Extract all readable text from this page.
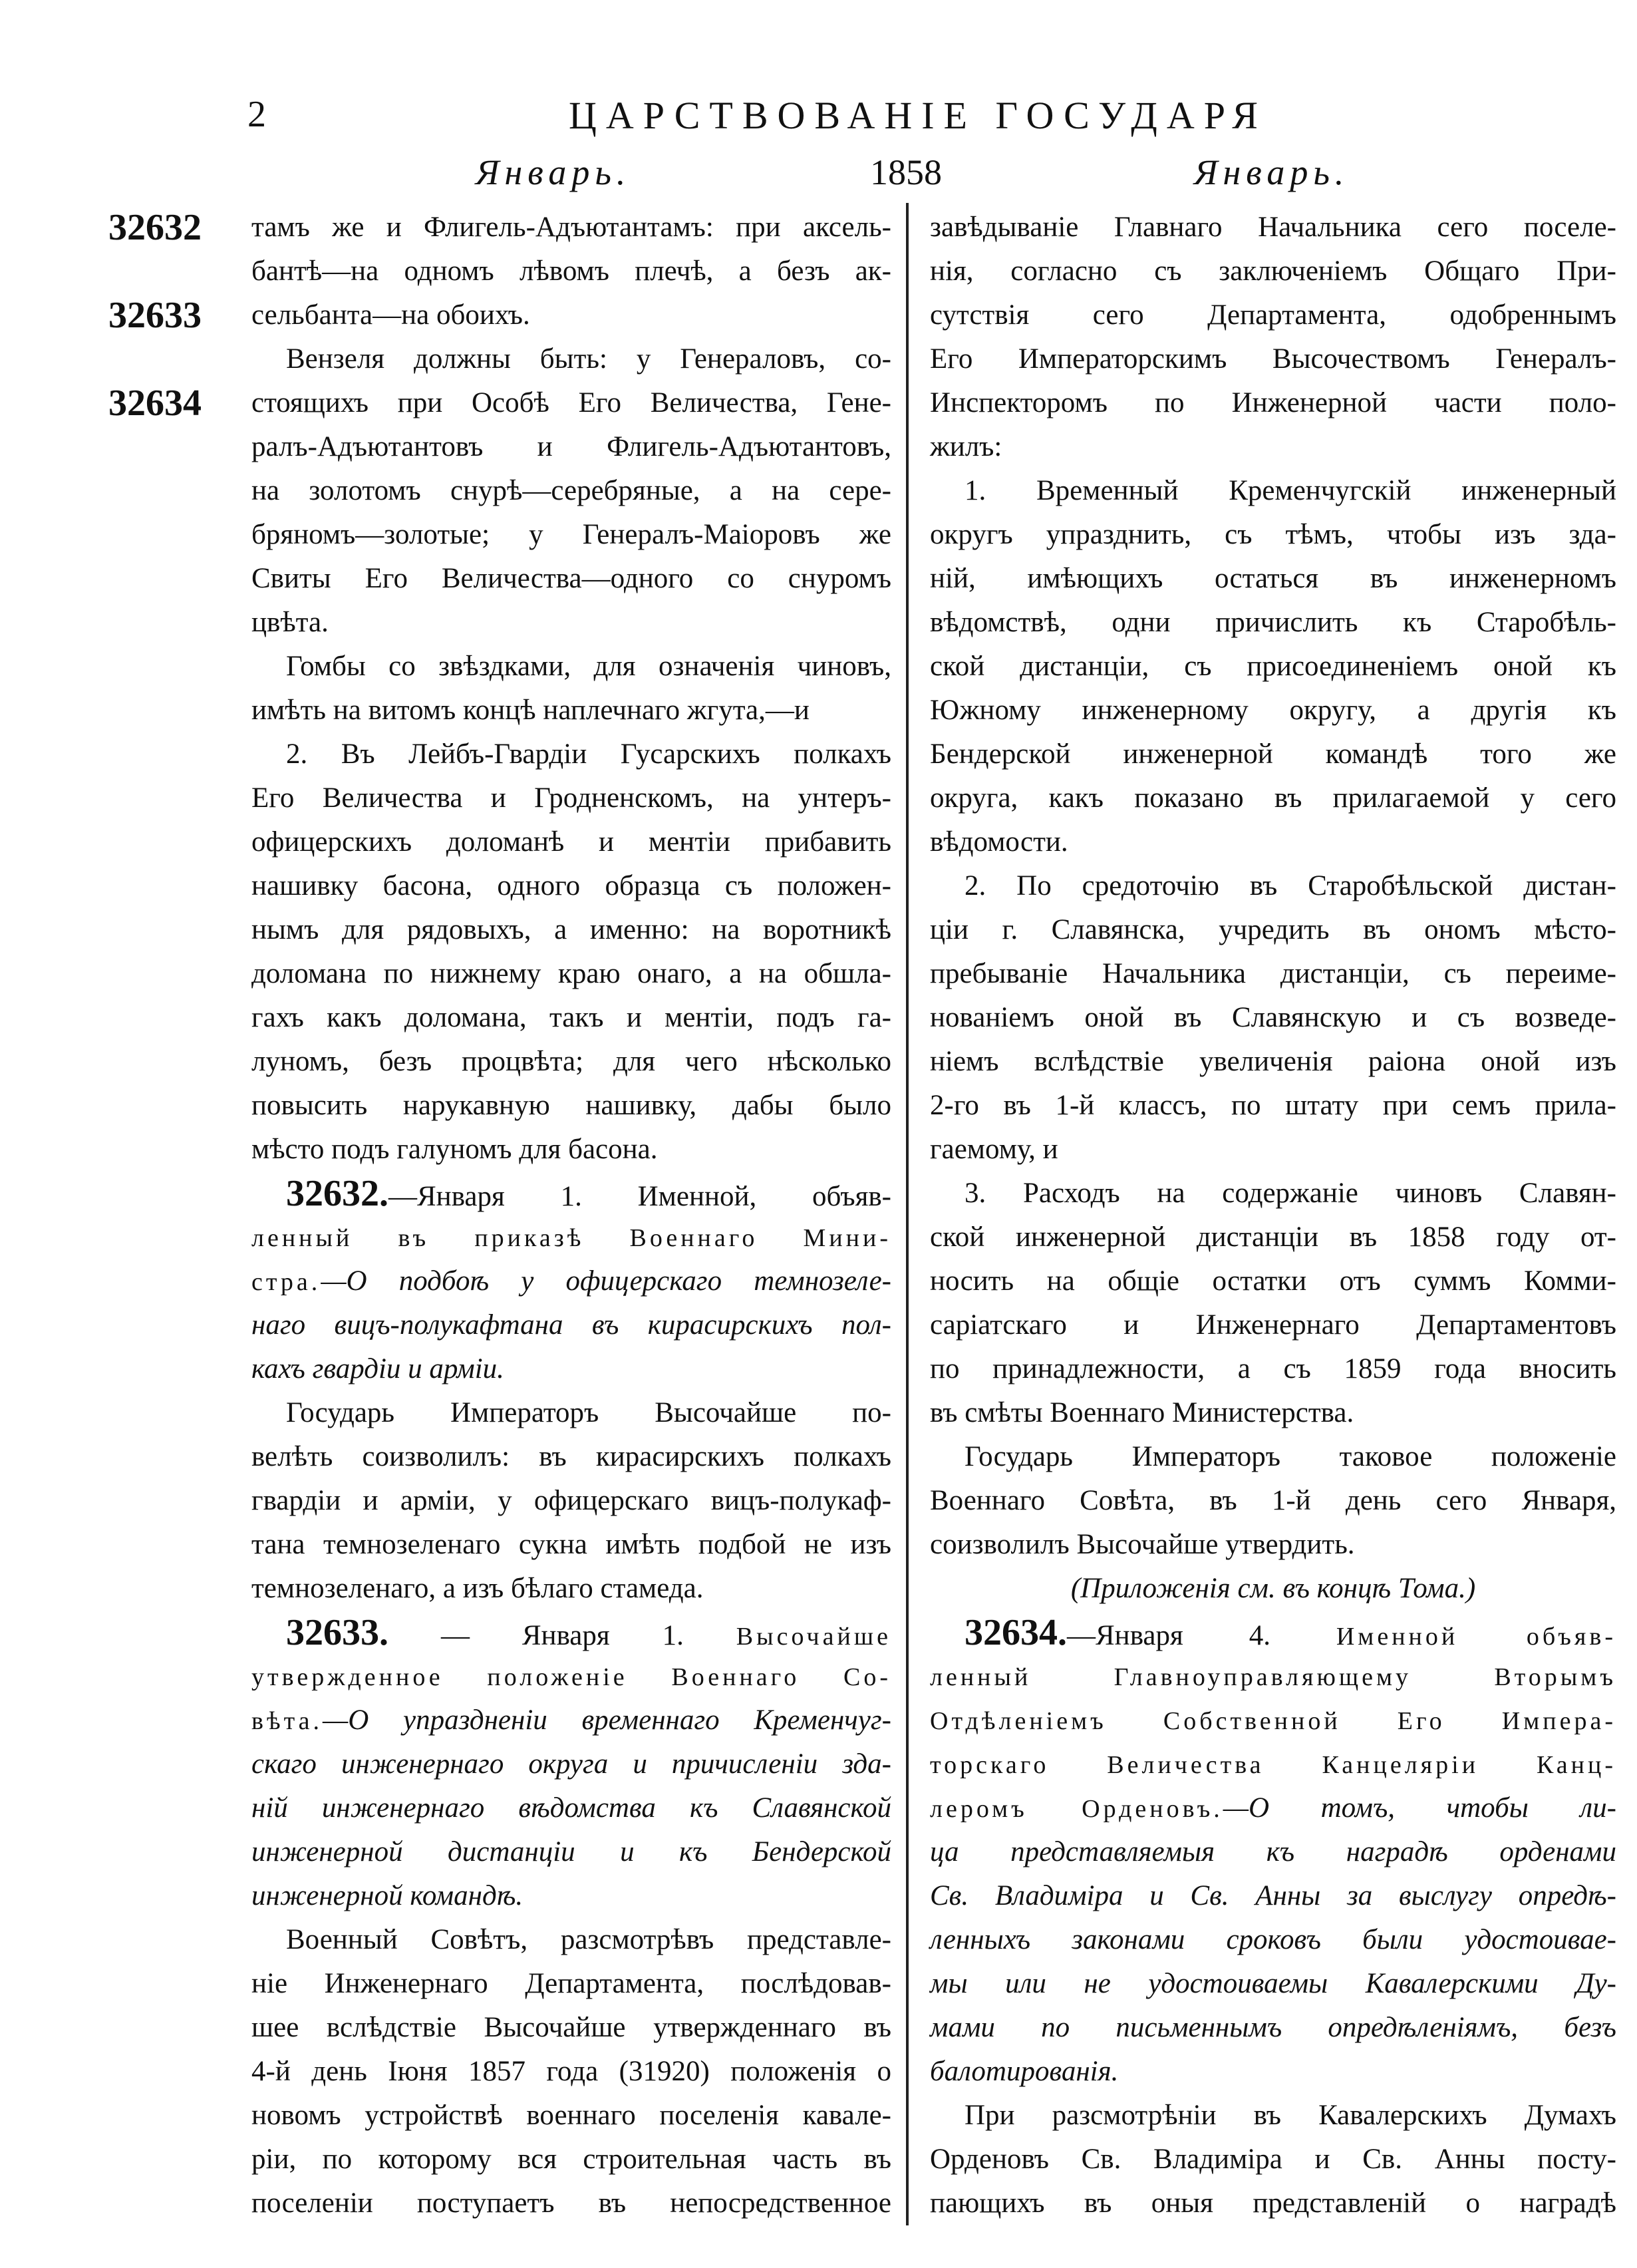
2	ЦАРСТВОВАНІЕ ГОСУДАРЯ
Январь.	1858	Январь.
32632	тамъ же и Флигель-Адъютантамъ: при аксель-
бантѣ—на одномъ лѣвомъ плечѣ, а безъ ак-
32633	сельбанта—на обоихъ.
Вензеля должны быть: у Генераловъ, со-
32634	стоящихъ при Особѣ Его Величества, Гене-
ралъ-Адъютантовъ и Флигель-Адъютантовъ,
на золотомъ снурѣ—серебряные, а на сере-
бряномъ—золотые; у Генералъ-Маіоровъ же
Свиты Его Величества—одного со снуромъ
цвѣта.
Гомбы со звѣздками, для означенія чиновъ,
имѣть на витомъ концѣ наплечнаго жгута,—и
2. Въ Лейбъ-Гвардіи Гусарскихъ полкахъ
Его Величества и Гродненскомъ, на унтеръ-
офицерскихъ доломанѣ и ментіи прибавить
нашивку басона, одного образца съ положен-
нымъ для рядовыхъ, а именно: на воротникѣ
доломана по нижнему краю онаго, а на обшла-
гахъ какъ доломана, такъ и ментіи, подъ га-
луномъ, безъ процвѣта; для чего нѣсколько
повысить нарукавную нашивку, дабы было
мѣсто подъ галуномъ для басона.
32632.—Января 1. Именной, объяв-
ленный въ приказѣ Военнаго Мини-
стра.—О подбоѣ у офицерскаго темнозеле-
наго вицъ-полукафтана въ кирасирскихъ пол-
кахъ гвардіи и арміи.
Государь Императоръ Высочайше по-
велѣть соизволилъ: въ кирасирскихъ полкахъ
гвардіи и арміи, у офицерскаго вицъ-полукаф-
тана темнозеленаго сукна имѣть подбой не изъ
темнозеленаго, а изъ бѣлаго стамеда.
32633. — Января 1. Высочайше
утвержденное положеніе Военнаго Со-
вѣта.—О упраздненіи временнаго Кременчуг-
скаго инженернаго округа и причисленіи зда-
ній инженернаго вѣдомства къ Славянской
инженерной дистанціи и къ Бендерской
инженерной командѣ.
Военный Совѣтъ, разсмотрѣвъ представле-
ніе Инженернаго Департамента, послѣдовав-
шее вслѣдствіе Высочайше утвержденнаго въ
4-й день Іюня 1857 года (31920) положенія о
новомъ устройствѣ военнаго поселенія кавале-
ріи, по которому вся строительная часть въ
поселеніи поступаетъ въ непосредственное
завѣдываніе Главнаго Начальника сего поселе-
нія, согласно съ заключеніемъ Общаго При-
сутствія сего Департамента, одобреннымъ
Его Императорскимъ Высочествомъ Генералъ-
Инспекторомъ по Инженерной части поло-
жилъ:
1. Временный Кременчугскій инженерный
округъ упразднить, съ тѣмъ, чтобы изъ зда-
ній, имѣющихъ остаться въ инженерномъ
вѣдомствѣ, одни причислить къ Старобѣль-
ской дистанціи, съ присоединеніемъ оной къ
Южному инженерному округу, а другія къ
Бендерской инженерной командѣ того же
округа, какъ показано въ прилагаемой у сего
вѣдомости.
2. По средоточію въ Старобѣльской дистан-
ціи г. Славянска, учредить въ ономъ мѣсто-
пребываніе Начальника дистанціи, съ переиме-
нованіемъ оной въ Славянскую и съ возведе-
ніемъ вслѣдствіе увеличенія раіона оной изъ
2-го въ 1-й классъ, по штату при семъ прила-
гаемому, и
3. Расходъ на содержаніе чиновъ Славян-
ской инженерной дистанціи въ 1858 году от-
носить на общіе остатки отъ суммъ Комми-
саріатскаго и Инженернаго Департаментовъ
по принадлежности, а съ 1859 года вносить
въ смѣты Военнаго Министерства.
Государь Императоръ таковое положеніе
Военнаго Совѣта, въ 1-й день сего Января,
соизволилъ Высочайше утвердить.
(Приложенія см. въ концѣ Тома.)
32634.—Января 4. Именной объяв-
ленный Главноуправляющему Вторымъ
Отдѣленіемъ Собственной Его Импера-
торскаго Величества Канцеляріи Канц-
леромъ Орденовъ.—О томъ, чтобы ли-
ца представляемыя къ наградѣ орденами
Св. Владиміра и Св. Анны за выслугу опредѣ-
ленныхъ законами сроковъ были удостоивае-
мы или не удостоиваемы Кавалерскими Ду-
мами по письменнымъ опредѣленіямъ, безъ
балотированія.
При разсмотрѣніи въ Кавалерскихъ Думахъ
Орденовъ Св. Владиміра и Св. Анны посту-
пающихъ въ оныя представленій о наградѣ
